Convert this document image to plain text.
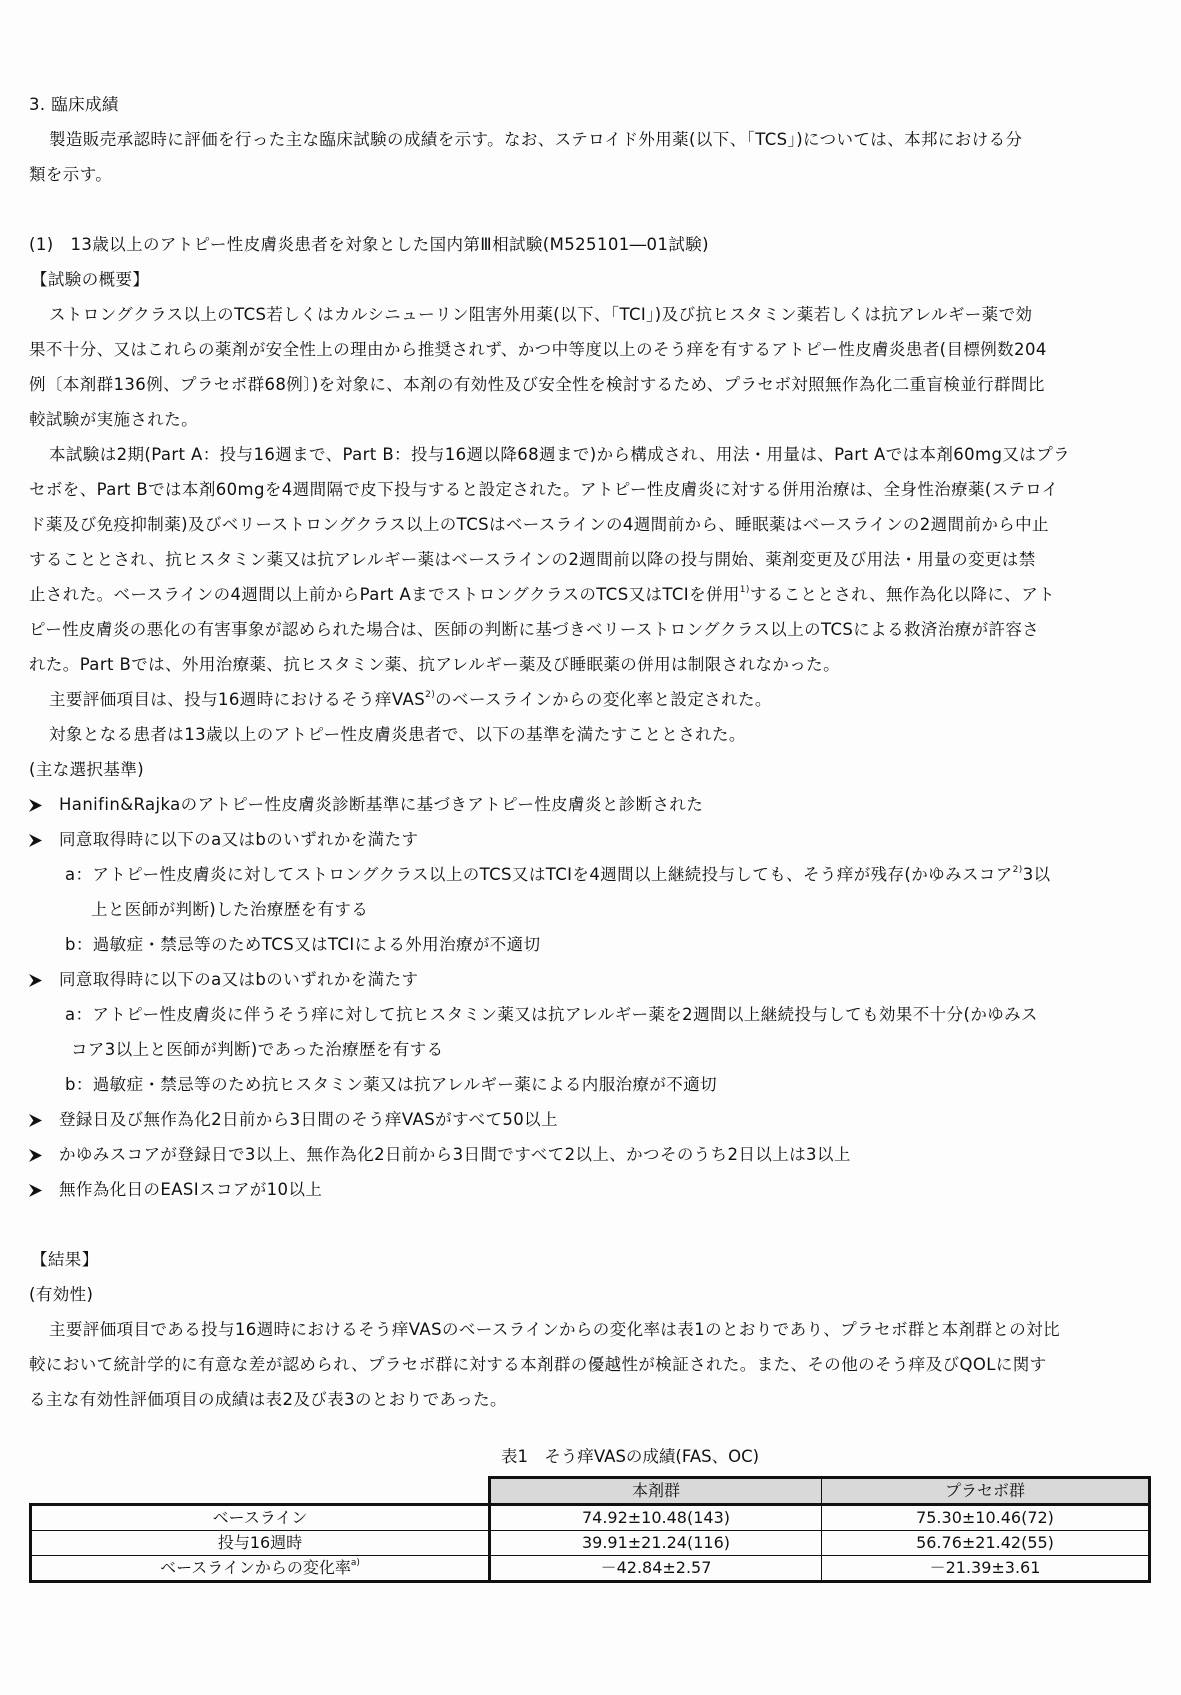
3. 臨床成績
製造販売承認時に評価を行った主な臨床試験の成績を示す。なお、ステロイド外用薬(以下、「TCS」)については、本邦における分
類を示す。
(1)　13歳以上のアトピー性皮膚炎患者を対象とした国内第Ⅲ相試験(M525101―01試験)
【試験の概要】
ストロングクラス以上のTCS若しくはカルシニューリン阻害外用薬(以下、「TCI」)及び抗ヒスタミン薬若しくは抗アレルギー薬で効
果不十分、又はこれらの薬剤が安全性上の理由から推奨されず、かつ中等度以上のそう痒を有するアトピー性皮膚炎患者(目標例数204
例〔本剤群136例、プラセボ群68例〕)を対象に、本剤の有効性及び安全性を検討するため、プラセボ対照無作為化二重盲検並行群間比
較試験が実施された。
本試験は2期(Part A：投与16週まで、Part B：投与16週以降68週まで)から構成され、用法・用量は、Part Aでは本剤60mg又はプラ
セボを、Part Bでは本剤60mgを4週間隔で皮下投与すると設定された。アトピー性皮膚炎に対する併用治療は、全身性治療薬(ステロイ
ド薬及び免疫抑制薬)及びベリーストロングクラス以上のTCSはベースラインの4週間前から、睡眠薬はベースラインの2週間前から中止
することとされ、抗ヒスタミン薬又は抗アレルギー薬はベースラインの2週間前以降の投与開始、薬剤変更及び用法・用量の変更は禁
止された。ベースラインの4週間以上前からPart AまでストロングクラスのTCS又はTCIを併用$^{1)}$することとされ、無作為化以降に、アト
ピー性皮膚炎の悪化の有害事象が認められた場合は、医師の判断に基づきベリーストロングクラス以上のTCSによる救済治療が許容さ
れた。Part Bでは、外用治療薬、抗ヒスタミン薬、抗アレルギー薬及び睡眠薬の併用は制限されなかった。
主要評価項目は、投与16週時におけるそう痒VAS$^{2)}$のベースラインからの変化率と設定された。
対象となる患者は13歳以上のアトピー性皮膚炎患者で、以下の基準を満たすこととされた。
(主な選択基準)
Hanifin&Rajkaのアトピー性皮膚炎診断基準に基づきアトピー性皮膚炎と診断された
同意取得時に以下のa又はbのいずれかを満たす
a：アトピー性皮膚炎に対してストロングクラス以上のTCS又はTCIを4週間以上継続投与しても、そう痒が残存(かゆみスコア$^{2)}$3以
上と医師が判断)した治療歴を有する
b：過敏症・禁忌等のためTCS又はTCIによる外用治療が不適切
同意取得時に以下のa又はbのいずれかを満たす
a：アトピー性皮膚炎に伴うそう痒に対して抗ヒスタミン薬又は抗アレルギー薬を2週間以上継続投与しても効果不十分(かゆみス
コア3以上と医師が判断)であった治療歴を有する
b：過敏症・禁忌等のため抗ヒスタミン薬又は抗アレルギー薬による内服治療が不適切
登録日及び無作為化2日前から3日間のそう痒VASがすべて50以上
かゆみスコアが登録日で3以上、無作為化2日前から3日間ですべて2以上、かつそのうち2日以上は3以上
無作為化日のEASIスコアが10以上
【結果】
(有効性)
主要評価項目である投与16週時におけるそう痒VASのベースラインからの変化率は表1のとおりであり、プラセボ群と本剤群との対比
較において統計学的に有意な差が認められ、プラセボ群に対する本剤群の優越性が検証された。また、その他のそう痒及びQOLに関す
る主な有効性評価項目の成績は表2及び表3のとおりであった。
表1　そう痒VASの成績(FAS、OC)
	本剤群	プラセボ群
ベースライン	74.92±10.48(143)	75.30±10.46(72)
投与16週時	39.91±21.24(116)	56.76±21.42(55)
ベースラインからの変化率$^{a)}$	－42.84±2.57	－21.39±3.61
